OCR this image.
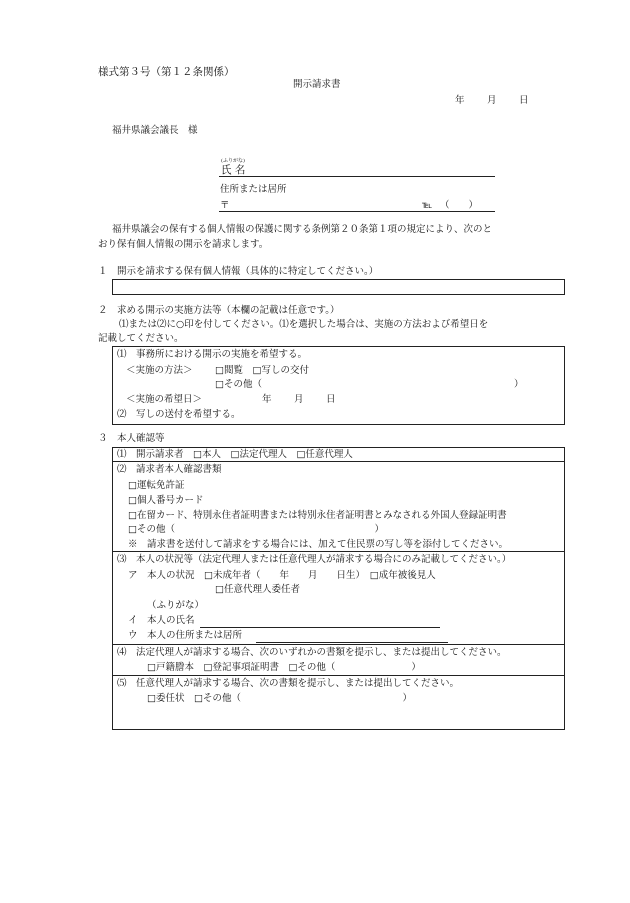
様式第３号（第１２条関係）
開示請求書
年 月 日
福井県議会議長　様
(ふりがな)
氏 名
住所または居所
〒	℡ （　　）
福井県議会の保有する個人情報の保護に関する条例第２０条第１項の規定により、次のと
おり保有個人情報の開示を請求します。
１　開示を請求する保有個人情報（具体的に特定してください。）
２　求める開示の実施方法等（本欄の記載は任意です。）
⑴または⑵に○印を付してください。⑴を選択した場合は、実施の方法および希望日を
記載してください。
⑴　事務所における開示の実施を希望する。
＜実施の方法＞ □閲覧　□写しの交付
□その他（	）
＜実施の希望日＞	年 月 日
⑵　写しの送付を希望する。
３　本人確認等
⑴　開示請求者　□本人　□法定代理人　□任意代理人
⑵　請求者本人確認書類
□運転免許証
□個人番号カード
□在留カード、特別永住者証明書または特別永住者証明書とみなされる外国人登録証明書
□その他（　　　　　　　　　　　　　　　　　　　　　）
※　請求書を送付して請求をする場合には、加えて住民票の写し等を添付してください。
⑶　本人の状況等（法定代理人または任意代理人が請求する場合にのみ記載してください。）
ア　本人の状況　□未成年者（　　年　　月　　日生）　□成年被後見人
□任意代理人委任者
（ふりがな）
イ　本人の氏名
ウ　本人の住所または居所
⑷　法定代理人が請求する場合、次のいずれかの書類を提示し、または提出してください。
□戸籍謄本　□登記事項証明書　□その他（　　　　　　　　）
⑸　任意代理人が請求する場合、次の書類を提示し、または提出してください。
□委任状　□その他（　　　　　　　　　　　　　　　　　）
